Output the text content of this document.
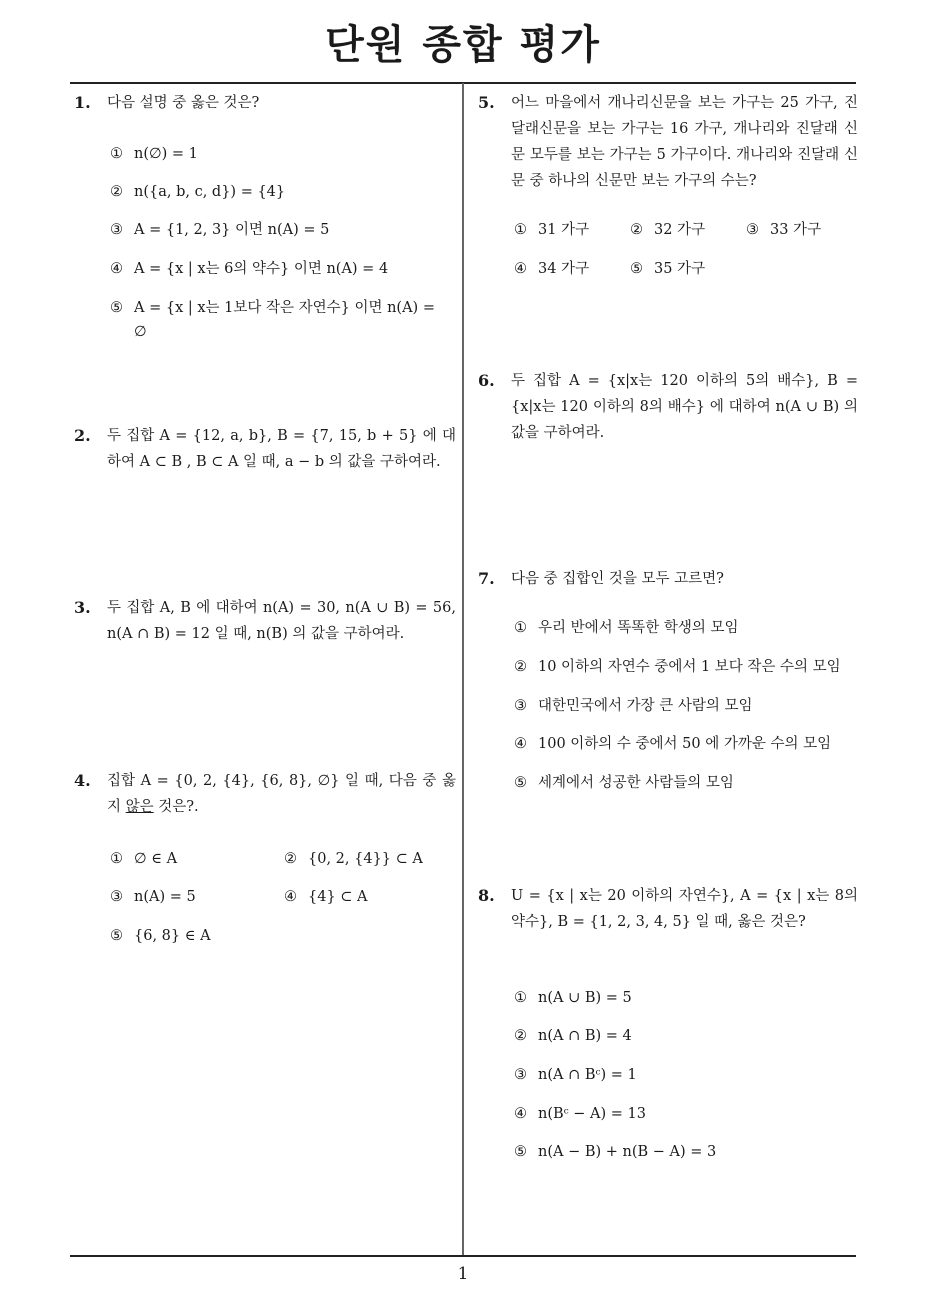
단원 종합 평가
1
1. 다음 설명 중 옳은 것은?
① n(∅) = 1
② n({a, b, c, d}) = {4}
③ A = {1, 2, 3} 이면 n(A) = 5
④ A = {x | x는 6의 약수} 이면 n(A) = 4
⑤ A = {x | x는 1보다 작은 자연수} 이면 n(A) =
∅
2. 두 집합 A = {12, a, b}, B = {7, 15, b + 5} 에 대하여 A ⊂ B , B ⊂ A 일 때, a − b 의 값을 구하여라.
3. 두 집합 A, B 에 대하여 n(A) = 30, n(A ∪ B) = 56, n(A ∩ B) = 12 일 때, n(B) 의 값을 구하여라.
4. 집합 A = {0, 2, {4}, {6, 8}, ∅} 일 때, 다음 중 옳지 않은 것은?.
① ∅ ∈ A	② {0, 2, {4}} ⊂ A
③ n(A) = 5	④ {4} ⊂ A
⑤ {6, 8} ∈ A
5. 어느 마을에서 개나리신문을 보는 가구는 25 가구, 진달래신문을 보는 가구는 16 가구, 개나리와 진달래 신문 모두를 보는 가구는 5 가구이다. 개나리와 진달래 신문 중 하나의 신문만 보는 가구의 수는?
① 31 가구	② 32 가구	③ 33 가구
④ 34 가구	⑤ 35 가구
6. 두 집합 A = {x|x는 120 이하의 5의 배수}, B = {x|x는 120 이하의 8의 배수} 에 대하여 n(A ∪ B) 의 값을 구하여라.
7. 다음 중 집합인 것을 모두 고르면?
① 우리 반에서 똑똑한 학생의 모임
② 10 이하의 자연수 중에서 1 보다 작은 수의 모임
③ 대한민국에서 가장 큰 사람의 모임
④ 100 이하의 수 중에서 50 에 가까운 수의 모임
⑤ 세계에서 성공한 사람들의 모임
8. U = {x | x는 20 이하의 자연수}, A = {x | x는 8의 약수}, B = {1, 2, 3, 4, 5} 일 때, 옳은 것은?
① n(A ∪ B) = 5
② n(A ∩ B) = 4
③ n(A ∩ Bᶜ) = 1
④ n(Bᶜ − A) = 13
⑤ n(A − B) + n(B − A) = 3
